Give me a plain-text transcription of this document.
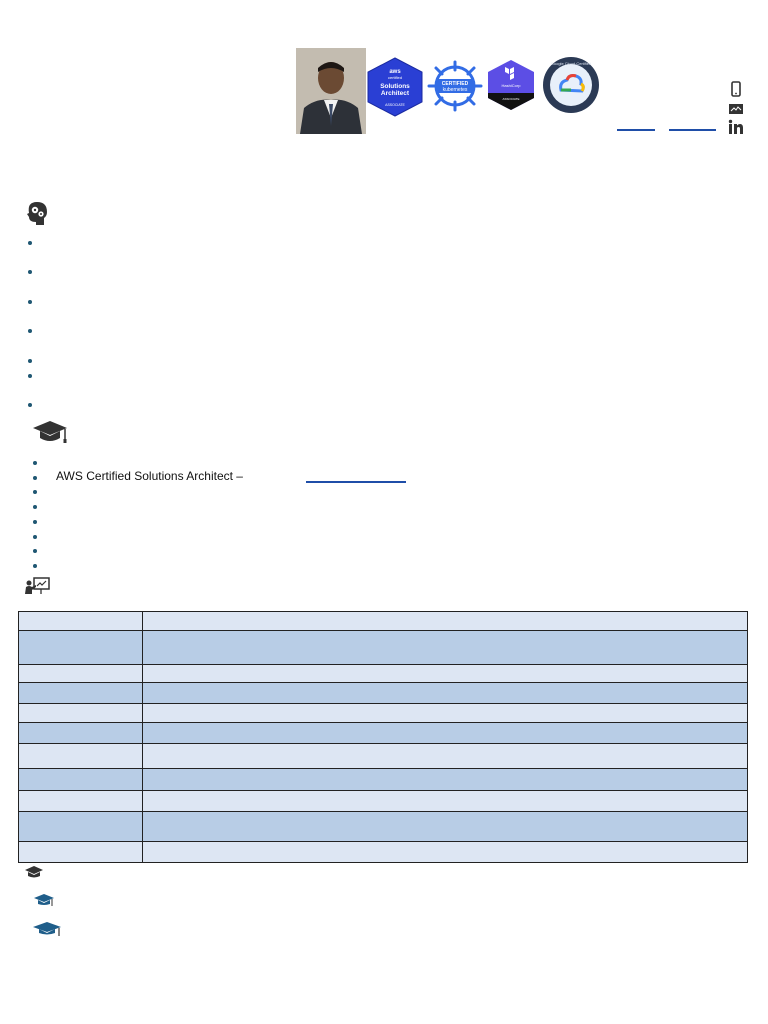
aws
certified
Solutions
Architect
ASSOCIATE
CERTIFIED
kubernetes
HashiCorp
ASSOCIATE
Google Cloud Certified
AWS Certified Solutions Architect –
